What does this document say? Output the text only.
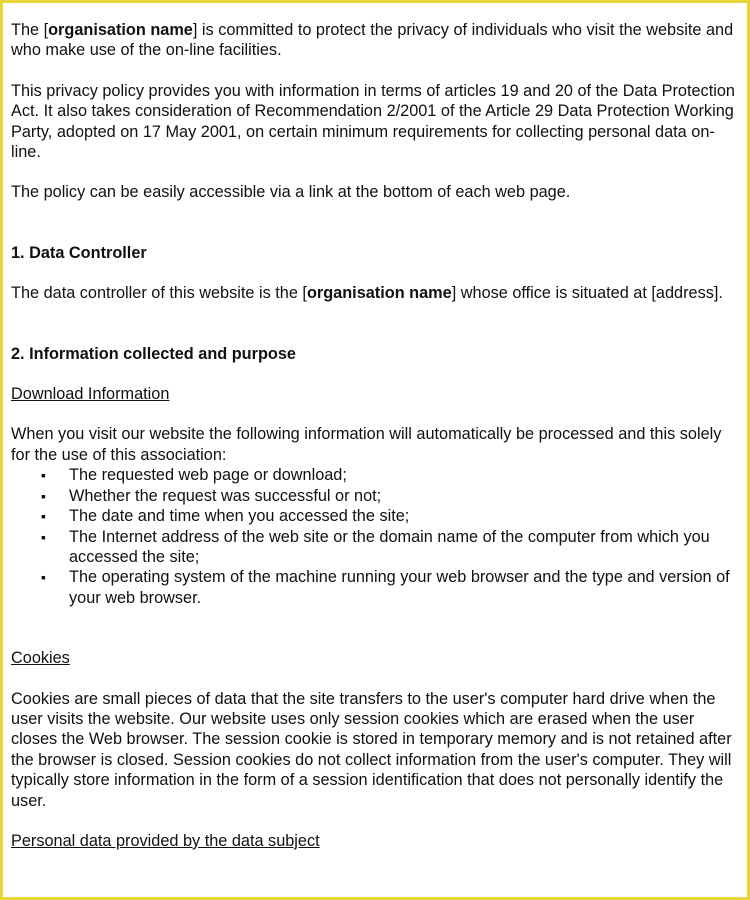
The [organisation name] is committed to protect the privacy of individuals who visit the website and who make use of the on-line facilities.

This privacy policy provides you with information in terms of articles 19 and 20 of the Data Protection Act. It also takes consideration of Recommendation 2/2001 of the Article 29 Data Protection Working Party, adopted on 17 May 2001, on certain minimum requirements for collecting personal data on-line.

The policy can be easily accessible via a link at the bottom of each web page.

1. Data Controller

The data controller of this website is the [organisation name] whose office is situated at [address].

2. Information collected and purpose

Download Information

When you visit our website the following information will automatically be processed and this solely for the use of this association:

▪	The requested web page or download;
▪	Whether the request was successful or not;
▪	The date and time when you accessed the site;
▪	The Internet address of the web site or the domain name of the computer from which you accessed the site;
▪	The operating system of the machine running your web browser and the type and version of your web browser.

Cookies

Cookies are small pieces of data that the site transfers to the user's computer hard drive when the user visits the website. Our website uses only session cookies which are erased when the user closes the Web browser. The session cookie is stored in temporary memory and is not retained after the browser is closed. Session cookies do not collect information from the user's computer. They will typically store information in the form of a session identification that does not personally identify the user.

Personal data provided by the data subject
